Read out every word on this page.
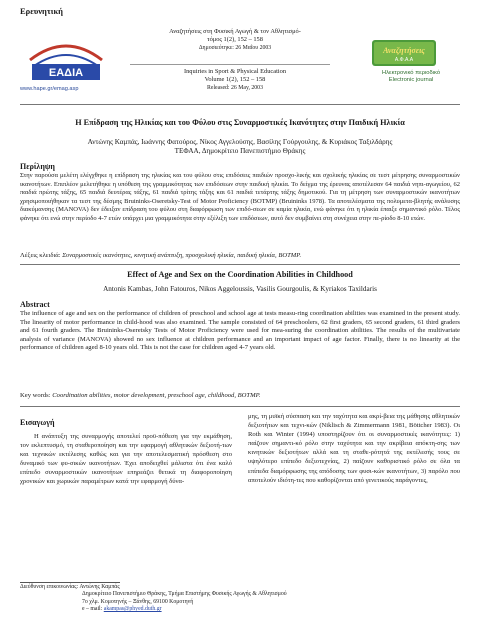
Ερευνητική
ΕΑΔΙΑ
www.hape.gr/emag.asp
Αναζητήσεις στη Φυσική Αγωγή & τον Αθλητισμό-
τόμος 1(2), 152 – 158
Δημοσιεύτηκε: 26 Μαΐου 2003
Inquiries in Sport & Physical Education
Volume 1(2), 152 – 158
Released: 26 May, 2003
Αναζητήσεις
Α.Φ.Α.Α
Ηλεκτρονικό περιοδικό
Electronic journal
Η Επίδραση της Ηλικίας και του Φύλου στις Συναρμοστικές Ικανότητες στην Παιδική Ηλικία
Αντώνης Καμπάς, Ιωάννης Φατούρος, Νίκος Αγγελούσης, Βασίλης Γούργουλης, & Κυριάκος Ταξιλδάρης
ΤΕΦΑΑ, Δημοκρίτειο Πανεπιστήμιο Θράκης
Περίληψη
Στην παρούσα μελέτη ελέγχθηκε η επίδραση της ηλικίας και του φύλου στις επιδόσεις παιδιών προσχο-λικής και σχολικής ηλικίας σε τεστ μέτρησης συναρμοστικών ικανοτήτων. Επιπλέον μελετήθηκε η υπόθεση της γραμμικότητας των επιδόσεων στην παιδική ηλικία. Το δείγμα της έρευνας αποτέλεσαν 64 παιδιά νηπι-αγωγείου, 62 παιδιά πρώτης τάξης, 65 παιδιά δευτέρας τάξης, 61 παιδιά τρίτης τάξης και 61 παιδιά τετάρτης τάξης δημοτικού. Για τη μέτρηση των συναρμοστικών ικανοτήτων χρησιμοποιήθηκαν τα τεστ της δέσμης Bruininks-Oseretsky-Test of Motor Proficiency (BOTMP) (Bruininks 1978). Τα αποτελέσματα της πολυμετα-βλητής ανάλυσης διακύμανσης (MANOVA) δεν έδειξαν επίδραση του φύλου στη διαφόρφωση των επιδό-σεων σε καμία ηλικία, ενώ φάνηκε ότι η ηλικία έπαιξε σημαντικό ρόλο. Τέλος φάνηκε ότι ενώ στην περίοδο 4-7 ετών υπάρχει μια γραμμικότητα στην εξέλιξη των επιδόσεων, αυτό δεν συμβαίνει στη συνέχεια στην πε-ρίοδο 8-10 ετών.
Λέξεις κλειδιά: Συναρμοστικές ικανότητες, κινητική ανάπτυξη, προσχολική ηλικία, παιδική ηλικία, BOTMP.
Effect of Age and Sex on the Coordination Abilities in Childhood
Antonis Kambas, John Fatouros, Nikos Aggeloussis, Vasilis Gourgoulis, & Kyriakos Taxildaris
Abstract
The influence of age and sex on the performance of children of preschool and school age at tests measu-ring coordination abilities was examined in the present study. The linearity of motor performance in child-hood was also examined. The sample consisted of 64 preschoolers, 62 first graders, 65 second graders, 61 third graders and 61 fourth graders. The Bruininks-Oseretsky Tests of Motor Proficiency were used for mea-suring the coordination abilities. The results of the multivariate analysis of variance (MANOVA) showed no sex influence at children performance and an important impact of age factor. Finally, there is no linearity at the performance of children aged 8-10 years old. This is not the case for children aged 4-7 years old.
Key words: Coordination abilities, motor development, preschool age, childhood, BOTMP.
Εισαγωγή
Η ανάπτυξη της συναρμογής αποτελεί προϋ-πόθεση για την εκμάθηση, τον εκλεπτυσμό, τη σταθεροποίηση και την εφαρμογή αθλητικών δεξιοτή-των και τεχνικών εκτέλεσης καθώς και για την αποτελεσματική πρόσθεση στο δυναμικό των φυ-σικών ικανοτήτων. Έχει αποδειχθεί μάλιστα ότι ένα καλό επίπεδο συναρμοστικών ικανοτήτων επηρεάζει θετικά τη διαφοροποίηση χρονικών και χωρικών παραμέτρων κατά την εφαρμογή δύνα-
μης, τη μυϊκή σύσπαση και την ταχύτητα και ακρί-βεια της μάθησης αθλητικών δεξιοτήτων και τεχνι-κών (Niklisch & Zimmermann 1981, Böttcher 1983). Οι Roth και Winter (1994) υποστηρίζουν ότι οι συναρμοστικές ικανότητες: 1) παίζουν σημαντι-κό ρόλο στην ταχύτητα και την ακρίβεια απόκτη-σης των κινητικών δεξιοτήτων αλλά και τη σταθε-ρότητά της εκτέλεσής τους σε υψηλότερο επίπεδο δεξιοτεχνίας, 2) παίζουν καθοριστικό ρόλο σε όλα τα επίπεδα διαμόρφωσης της απόδοσης των φυσι-κών ικανοτήτων, 3) παρόλο που αποτελούν ιδιότη-τες που καθορίζονται από γενετικούς παράγοντες,
Διεύθυνση επικοινωνίας: Αντώνης Καμπάς
Δημοκρίτειο Πανεπιστήμιο Θράκης, Τμήμα Επιστήμης Φυσικής Αγωγής & Αθλητισμού
7ο χλμ. Κομοτηνής – Ξάνθης, 69100 Κομοτηνή
e – mail: akampas@phyed.duth.gr
